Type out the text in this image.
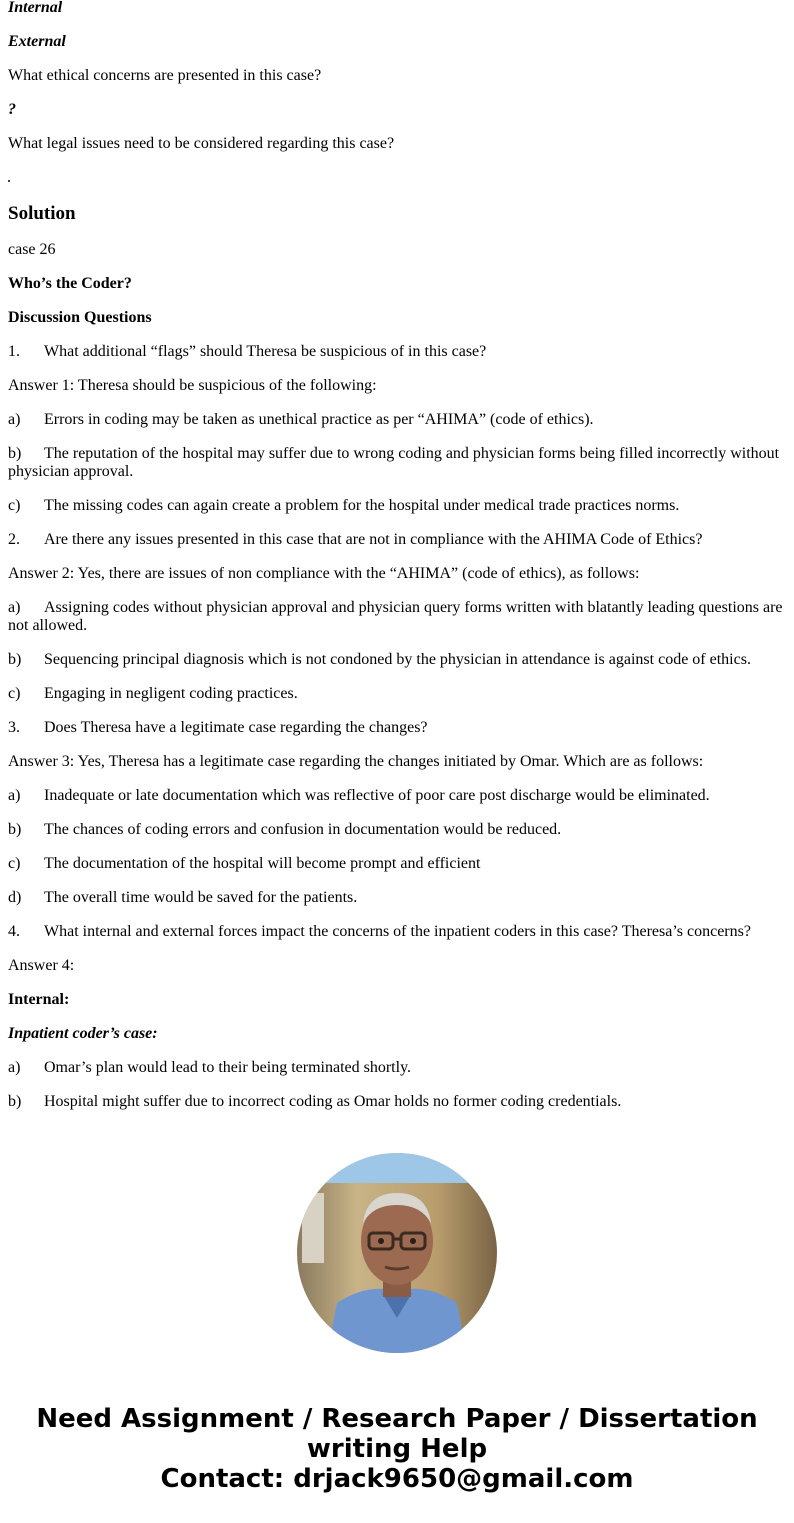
Internal

External

What ethical concerns are presented in this case?

?

What legal issues need to be considered regarding this case?

Solution

case 26

Who’s the Coder?

Discussion Questions

1. What additional “flags” should Theresa be suspicious of in this case?

Answer 1: Theresa should be suspicious of the following:

a) Errors in coding may be taken as unethical practice as per “AHIMA” (code of ethics).

b) The reputation of the hospital may suffer due to wrong coding and physician forms being filled incorrectly without physician approval.

c) The missing codes can again create a problem for the hospital under medical trade practices norms.

2. Are there any issues presented in this case that are not in compliance with the AHIMA Code of Ethics?

Answer 2: Yes, there are issues of non compliance with the “AHIMA” (code of ethics), as follows:

a) Assigning codes without physician approval and physician query forms written with blatantly leading questions are not allowed.

b) Sequencing principal diagnosis which is not condoned by the physician in attendance is against code of ethics.

c) Engaging in negligent coding practices.

3. Does Theresa have a legitimate case regarding the changes?

Answer 3: Yes, Theresa has a legitimate case regarding the changes initiated by Omar. Which are as follows:

a) Inadequate or late documentation which was reflective of poor care post discharge would be eliminated.

b) The chances of coding errors and confusion in documentation would be reduced.

c) The documentation of the hospital will become prompt and efficient

d) The overall time would be saved for the patients.

4. What internal and external forces impact the concerns of the inpatient coders in this case? Theresa’s concerns?

Answer 4:

Internal:

Inpatient coder’s case:

a) Omar’s plan would lead to their being terminated shortly.

b) Hospital might suffer due to incorrect coding as Omar holds no former coding credentials.

Need Assignment / Research Paper / Dissertation
writing Help
Contact: drjack9650@gmail.com
